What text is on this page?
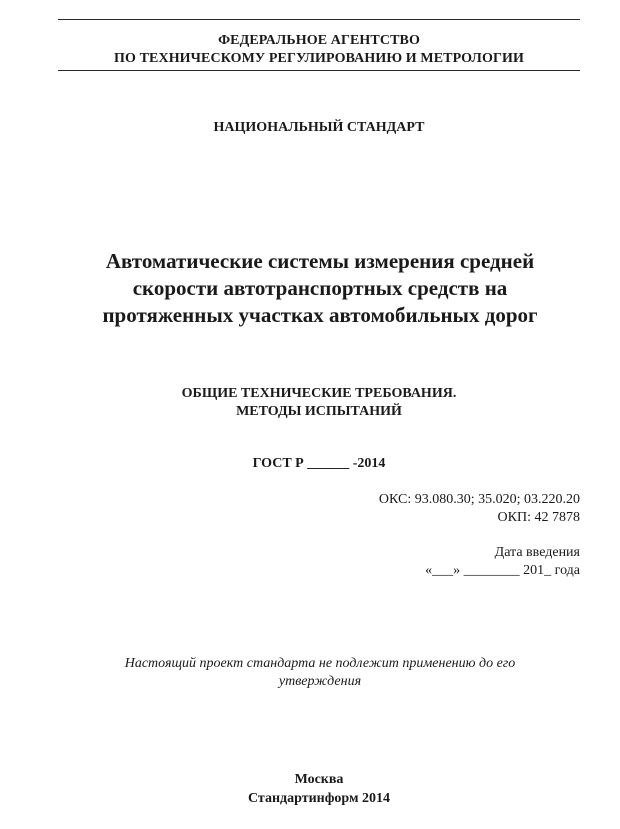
ФЕДЕРАЛЬНОЕ АГЕНТСТВО
ПО ТЕХНИЧЕСКОМУ РЕГУЛИРОВАНИЮ И МЕТРОЛОГИИ
НАЦИОНАЛЬНЫЙ СТАНДАРТ
Автоматические системы измерения средней
скорости автотранспортных средств на
протяженных участках автомобильных дорог
ОБЩИЕ ТЕХНИЧЕСКИЕ ТРЕБОВАНИЯ.
МЕТОДЫ ИСПЫТАНИЙ
ГОСТ Р ______ -2014
ОКС: 93.080.30; 35.020; 03.220.20
ОКП: 42 7878
Дата введения
«___» ________ 201_ года
Настоящий проект стандарта не подлежит применению до его
утверждения
Москва
Стандартинформ 2014
